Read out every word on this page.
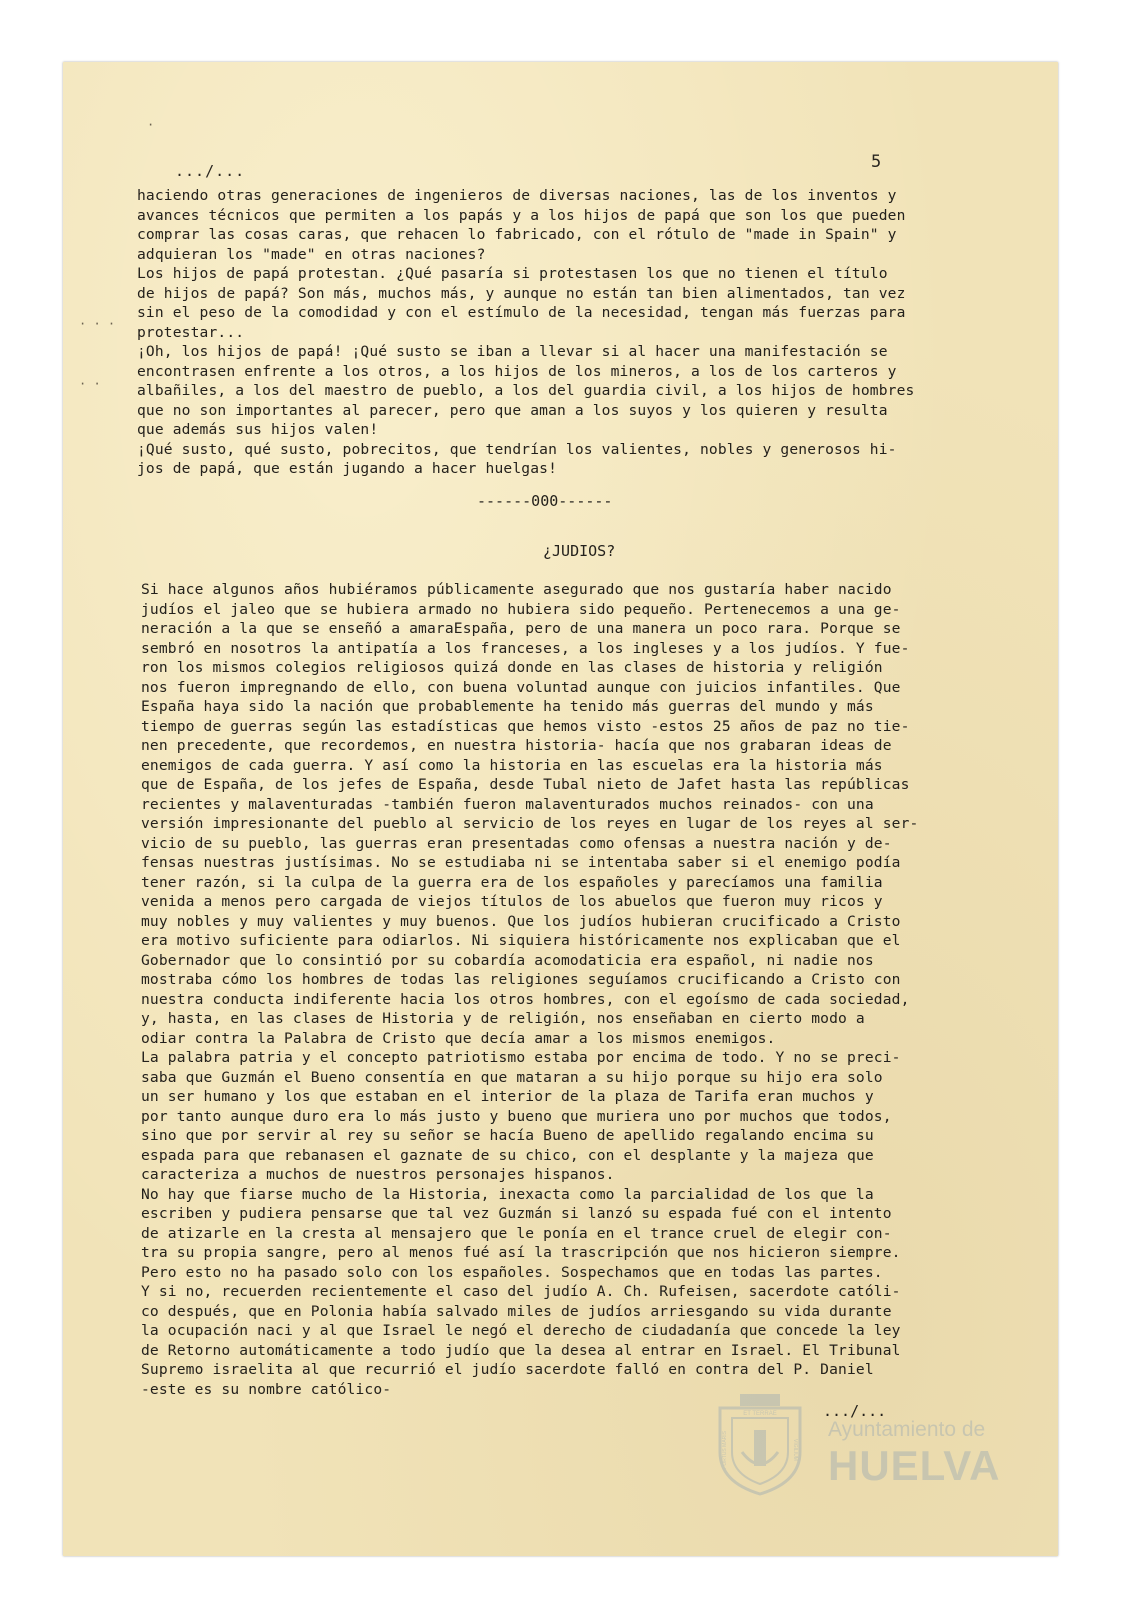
.../...	5
haciendo otras generaciones de ingenieros de diversas naciones, las de los inventos y
avances técnicos que permiten a los papás y a los hijos de papá que son los que pueden
comprar las cosas caras, que rehacen lo fabricado, con el rótulo de "made in Spain" y
adquieran los "made" en otras naciones?
Los hijos de papá protestan. ¿Qué pasaría si protestasen los que no tienen el título
de hijos de papá? Son más, muchos más, y aunque no están tan bien alimentados, tan vez
sin el peso de la comodidad y con el estímulo de la necesidad, tengan más fuerzas para
protestar...
¡Oh, los hijos de papá! ¡Qué susto se iban a llevar si al hacer una manifestación se
encontrasen enfrente a los otros, a los hijos de los mineros, a los de los carteros y
albañiles, a los del maestro de pueblo, a los del guardia civil, a los hijos de hombres
que no son importantes al parecer, pero que aman a los suyos y los quieren y resulta
que además sus hijos valen!
¡Qué susto, qué susto, pobrecitos, que tendrían los valientes, nobles y generosos hi-
jos de papá, que están jugando a hacer huelgas!
------000------
¿JUDIOS?
Si hace algunos años hubiéramos públicamente asegurado que nos gustaría haber nacido
judíos el jaleo que se hubiera armado no hubiera sido pequeño. Pertenecemos a una ge-
neración a la que se enseñó a amaraEspaña, pero de una manera un poco rara. Porque se
sembró en nosotros la antipatía a los franceses, a los ingleses y a los judíos. Y fue-
ron los mismos colegios religiosos quizá donde en las clases de historia y religión
nos fueron impregnando de ello, con buena voluntad aunque con juicios infantiles. Que
España haya sido la nación que probablemente ha tenido más guerras del mundo y más
tiempo de guerras según las estadísticas que hemos visto -estos 25 años de paz no tie-
nen precedente, que recordemos, en nuestra historia- hacía que nos grabaran ideas de
enemigos de cada guerra. Y así como la historia en las escuelas era la historia más
que de España, de los jefes de España, desde Tubal nieto de Jafet hasta las repúblicas
recientes y malaventuradas -también fueron malaventurados muchos reinados- con una
versión impresionante del pueblo al servicio de los reyes en lugar de los reyes al ser-
vicio de su pueblo, las guerras eran presentadas como ofensas a nuestra nación y de-
fensas nuestras justísimas. No se estudiaba ni se intentaba saber si el enemigo podía
tener razón, si la culpa de la guerra era de los españoles y parecíamos una familia
venida a menos pero cargada de viejos títulos de los abuelos que fueron muy ricos y
muy nobles y muy valientes y muy buenos. Que los judíos hubieran crucificado a Cristo
era motivo suficiente para odiarlos. Ni siquiera históricamente nos explicaban que el
Gobernador que lo consintió por su cobardía acomodaticia era español, ni nadie nos
mostraba cómo los hombres de todas las religiones seguíamos crucificando a Cristo con
nuestra conducta indiferente hacia los otros hombres, con el egoísmo de cada sociedad,
y, hasta, en las clases de Historia y de religión, nos enseñaban en cierto modo a
odiar contra la Palabra de Cristo que decía amar a los mismos enemigos.
La palabra patria y el concepto patriotismo estaba por encima de todo. Y no se preci-
saba que Guzmán el Bueno consentía en que mataran a su hijo porque su hijo era solo
un ser humano y los que estaban en el interior de la plaza de Tarifa eran muchos y
por tanto aunque duro era lo más justo y bueno que muriera uno por muchos que todos,
sino que por servir al rey su señor se hacía Bueno de apellido regalando encima su
espada para que rebanasen el gaznate de su chico, con el desplante y la majeza que
caracteriza a muchos de nuestros personajes hispanos.
No hay que fiarse mucho de la Historia, inexacta como la parcialidad de los que la
escriben y pudiera pensarse que tal vez Guzmán si lanzó su espada fué con el intento
de atizarle en la cresta al mensajero que le ponía en el trance cruel de elegir con-
tra su propia sangre, pero al menos fué así la trascripción que nos hicieron siempre.
Pero esto no ha pasado solo con los españoles. Sospechamos que en todas las partes.
Y si no, recuerden recientemente el caso del judío A. Ch. Rufeisen, sacerdote católi-
co después, que en Polonia había salvado miles de judíos arriesgando su vida durante
la ocupación naci y al que Israel le negó el derecho de ciudadanía que concede la ley
de Retorno automáticamente a todo judío que la desea al entrar en Israel. El Tribunal
Supremo israelita al que recurrió el judío sacerdote falló en contra del P. Daniel
-este es su nombre católico-
.../...
· · ·
· ·
·
ET TERRAE
PORTUS MARIS	VIGILIUM
Ayuntamiento de
HUELVA
